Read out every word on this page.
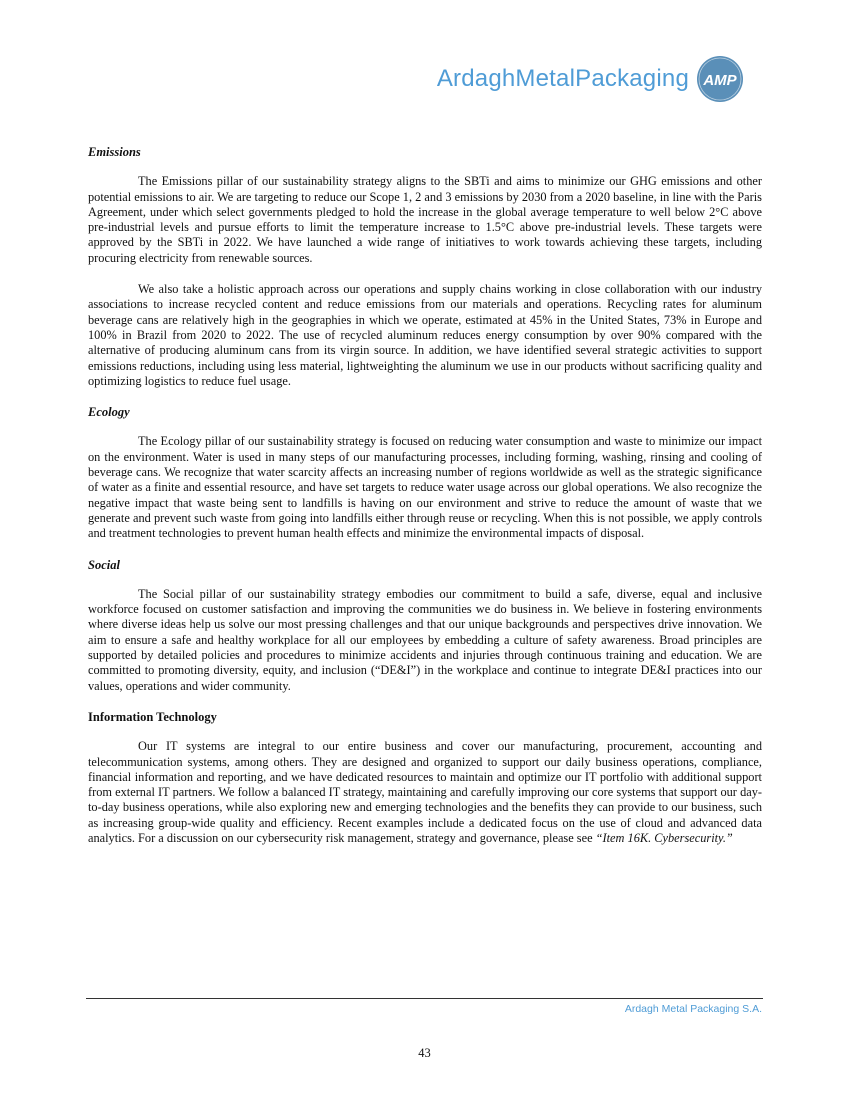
ArdaghMetalPackaging AMP
Emissions

The Emissions pillar of our sustainability strategy aligns to the SBTi and aims to minimize our GHG emissions and other potential emissions to air. We are targeting to reduce our Scope 1, 2 and 3 emissions by 2030 from a 2020 baseline, in line with the Paris Agreement, under which select governments pledged to hold the increase in the global average temperature to well below 2°C above pre-industrial levels and pursue efforts to limit the temperature increase to 1.5°C above pre-industrial levels. These targets were approved by the SBTi in 2022. We have launched a wide range of initiatives to work towards achieving these targets, including procuring electricity from renewable sources.

We also take a holistic approach across our operations and supply chains working in close collaboration with our industry associations to increase recycled content and reduce emissions from our materials and operations. Recycling rates for aluminum beverage cans are relatively high in the geographies in which we operate, estimated at 45% in the United States, 73% in Europe and 100% in Brazil from 2020 to 2022. The use of recycled aluminum reduces energy consumption by over 90% compared with the alternative of producing aluminum cans from its virgin source. In addition, we have identified several strategic activities to support emissions reductions, including using less material, lightweighting the aluminum we use in our products without sacrificing quality and optimizing logistics to reduce fuel usage.

Ecology

The Ecology pillar of our sustainability strategy is focused on reducing water consumption and waste to minimize our impact on the environment. Water is used in many steps of our manufacturing processes, including forming, washing, rinsing and cooling of beverage cans. We recognize that water scarcity affects an increasing number of regions worldwide as well as the strategic significance of water as a finite and essential resource, and have set targets to reduce water usage across our global operations. We also recognize the negative impact that waste being sent to landfills is having on our environment and strive to reduce the amount of waste that we generate and prevent such waste from going into landfills either through reuse or recycling. When this is not possible, we apply controls and treatment technologies to prevent human health effects and minimize the environmental impacts of disposal.

Social

The Social pillar of our sustainability strategy embodies our commitment to build a safe, diverse, equal and inclusive workforce focused on customer satisfaction and improving the communities we do business in. We believe in fostering environments where diverse ideas help us solve our most pressing challenges and that our unique backgrounds and perspectives drive innovation. We aim to ensure a safe and healthy workplace for all our employees by embedding a culture of safety awareness. Broad principles are supported by detailed policies and procedures to minimize accidents and injuries through continuous training and education. We are committed to promoting diversity, equity, and inclusion (“DE&I”) in the workplace and continue to integrate DE&I practices into our values, operations and wider community.

Information Technology

Our IT systems are integral to our entire business and cover our manufacturing, procurement, accounting and telecommunication systems, among others. They are designed and organized to support our daily business operations, compliance, financial information and reporting, and we have dedicated resources to maintain and optimize our IT portfolio with additional support from external IT partners. We follow a balanced IT strategy, maintaining and carefully improving our core systems that support our day-to-day business operations, while also exploring new and emerging technologies and the benefits they can provide to our business, such as increasing group-wide quality and efficiency. Recent examples include a dedicated focus on the use of cloud and advanced data analytics. For a discussion on our cybersecurity risk management, strategy and governance, please see “Item 16K. Cybersecurity.”

Ardagh Metal Packaging S.A.
43
